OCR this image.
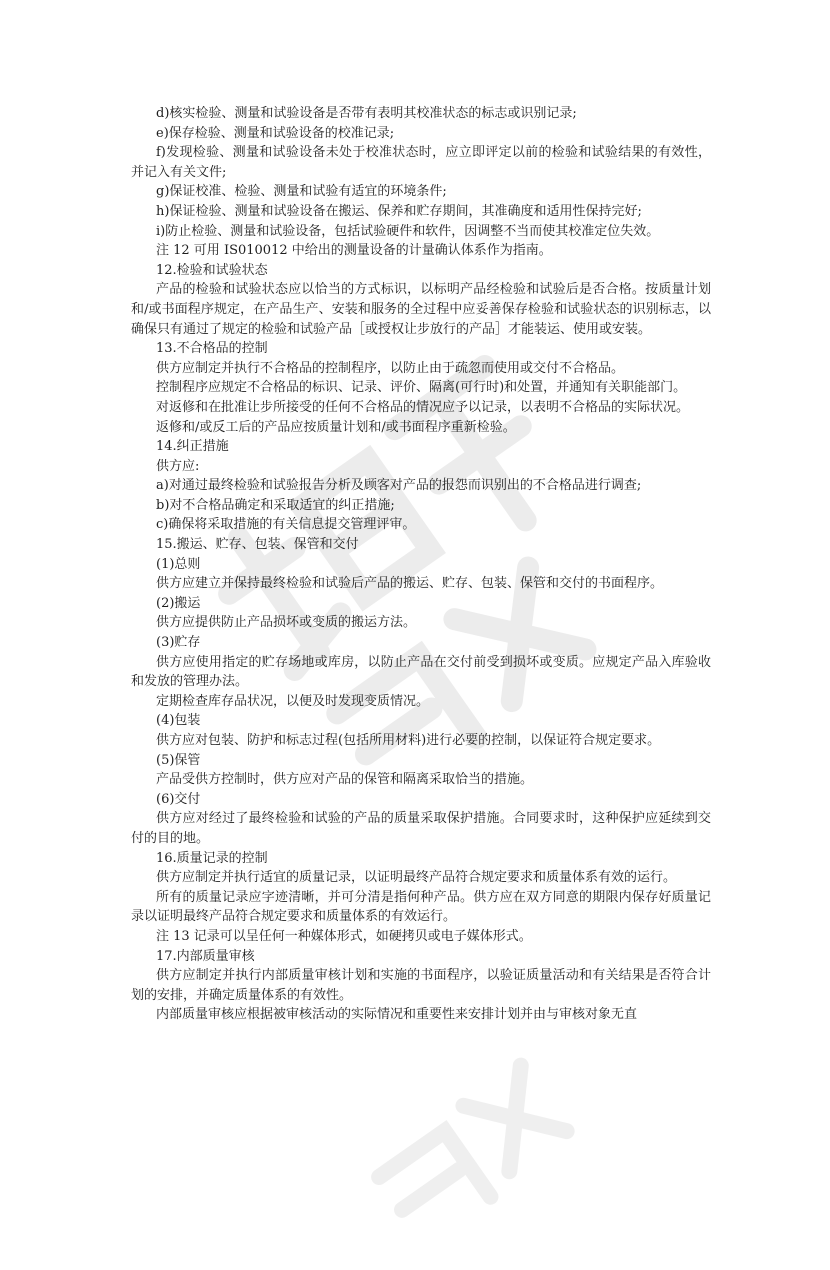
d)核实检验、测量和试验设备是否带有表明其校准状态的标志或识别记录;

e)保存检验、测量和试验设备的校准记录;

f)发现检验、测量和试验设备未处于校准状态时，应立即评定以前的检验和试验结果的有效性，并记入有关文件;

g)保证校准、检验、测量和试验有适宜的环境条件;

h)保证检验、测量和试验设备在搬运、保养和贮存期间，其准确度和适用性保持完好;

i)防止检验、测量和试验设备，包括试验硬件和软件，因调整不当而使其校准定位失效。

注 12 可用 IS010012 中给出的测量设备的计量确认体系作为指南。

12.检验和试验状态

产品的检验和试验状态应以恰当的方式标识，以标明产品经检验和试验后是否合格。按质量计划和/或书面程序规定，在产品生产、安装和服务的全过程中应妥善保存检验和试验状态的识别标志，以确保只有通过了规定的检验和试验产品［或授权让步放行的产品］才能装运、使用或安装。

13.不合格品的控制

供方应制定并执行不合格品的控制程序，以防止由于疏忽而使用或交付不合格品。

控制程序应规定不合格品的标识、记录、评价、隔离(可行时)和处置，并通知有关职能部门。

对返修和在批准让步所接受的任何不合格品的情况应予以记录，以表明不合格品的实际状况。

返修和/或反工后的产品应按质量计划和/或书面程序重新检验。

14.纠正措施

供方应:

a)对通过最终检验和试验报告分析及顾客对产品的报怨而识别出的不合格品进行调查;

b)对不合格品确定和采取适宜的纠正措施;

c)确保将采取措施的有关信息提交管理评审。

15.搬运、贮存、包装、保管和交付

(1)总则

供方应建立并保持最终检验和试验后产品的搬运、贮存、包装、保管和交付的书面程序。

(2)搬运

供方应提供防止产品损坏或变质的搬运方法。

(3)贮存

供方应使用指定的贮存场地或库房，以防止产品在交付前受到损坏或变质。应规定产品入库验收和发放的管理办法。

定期检查库存品状况，以便及时发现变质情况。

(4)包装

供方应对包装、防护和标志过程(包括所用材料)进行必要的控制，以保证符合规定要求。

(5)保管

产品受供方控制时，供方应对产品的保管和隔离采取恰当的措施。

(6)交付

供方应对经过了最终检验和试验的产品的质量采取保护措施。合同要求时，这种保护应延续到交付的目的地。

16.质量记录的控制

供方应制定并执行适宜的质量记录，以证明最终产品符合规定要求和质量体系有效的运行。

所有的质量记录应字迹清晰，并可分清是指何种产品。供方应在双方同意的期限内保存好质量记录以证明最终产品符合规定要求和质量体系的有效运行。

注 13 记录可以呈任何一种媒体形式，如硬拷贝或电子媒体形式。

17.内部质量审核

供方应制定并执行内部质量审核计划和实施的书面程序，以验证质量活动和有关结果是否符合计划的安排，并确定质量体系的有效性。

内部质量审核应根据被审核活动的实际情况和重要性来安排计划并由与审核对象无直
